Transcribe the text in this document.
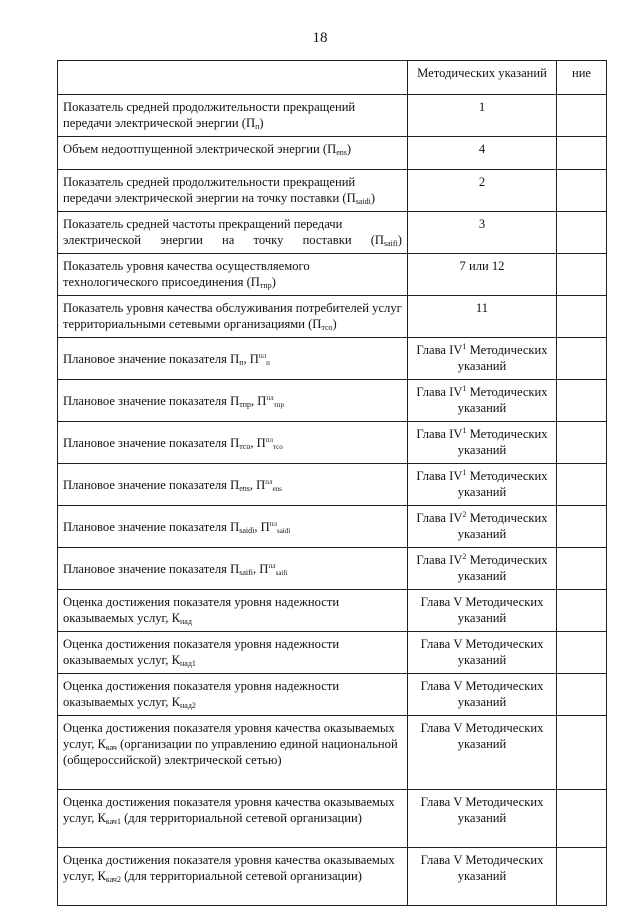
18
	Методических указаний	ние
Показатель средней продолжительности прекращений передачи электрической энергии $(П_п)$	1	
Объем недоотпущенной электрической энергии $(П_{ens})$	4	
Показатель средней продолжительности прекращений передачи электрической энергии на точку поставки $(П_{saidi})$	2	
Показатель средней частоты прекращений передачи электрической энергии на точку поставки $(П_{saifi})$	3	
Показатель уровня качества осуществляемого технологического присоединения $(П_{тпр})$	7 или 12	
Показатель уровня качества обслуживания потребителей услуг территориальными сетевыми организациями $(П_{тсо})$	11	
Плановое значение показателя $П_п$, $П^{пл}_п$	Глава $IV^1$ Методических указаний	
Плановое значение показателя $П_{тпр}$, $П^{пл}_{тпр}$	Глава $IV^1$ Методических указаний	
Плановое значение показателя $П_{тсо}$, $П^{пл}_{тсо}$	Глава $IV^1$ Методических указаний	
Плановое значение показателя $П_{ens}$, $П^{пл}_{ens}$	Глава $IV^1$ Методических указаний	
Плановое значение показателя $П_{saidi}$, $П^{пл}_{saidi}$	Глава $IV^2$ Методических указаний	
Плановое значение показателя $П_{saifi}$, $П^{пл}_{saifi}$	Глава $IV^2$ Методических указаний	
Оценка достижения показателя уровня надежности оказываемых услуг, $К_{над}$	Глава V Методических указаний	
Оценка достижения показателя уровня надежности оказываемых услуг, $К_{над1}$	Глава V Методических указаний	
Оценка достижения показателя уровня надежности оказываемых услуг, $К_{над2}$	Глава V Методических указаний	
Оценка достижения показателя уровня качества оказываемых услуг, $К_{кач}$ (организации по управлению единой национальной (общероссийской) электрической сетью)	Глава V Методических указаний	
Оценка достижения показателя уровня качества оказываемых услуг, $К_{кач1}$ (для территориальной сетевой организации)	Глава V Методических указаний	
Оценка достижения показателя уровня качества оказываемых услуг, $К_{кач2}$ (для территориальной сетевой организации)	Глава V Методических указаний	
